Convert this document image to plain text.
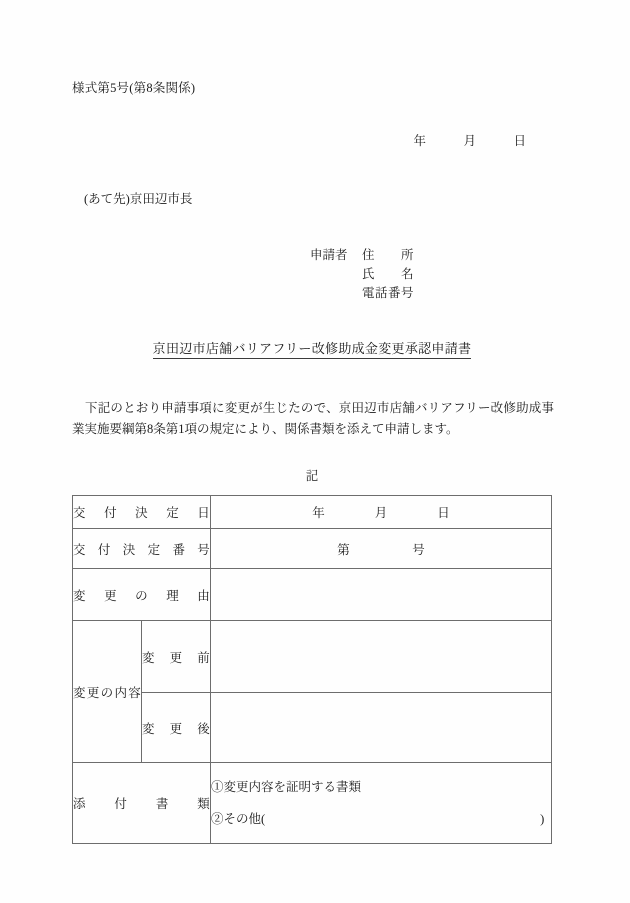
様式第5号(第8条関係)
年　　　月　　　日
(あて先)京田辺市長
申請者 住　　所
氏　　名
電話番号
京田辺市店舗バリアフリー改修助成金変更承認申請書
下記のとおり申請事項に変更が生じたので、京田辺市店舗バリアフリー改修助成事業実施要綱第8条第1項の規定により、関係書類を添えて申請します。
記
交付決定日		年　　　　月　　　　日

交付決定番号		第　　　　　号

変更の理由		

変更の内容	変更前	

	変更後	

添付書類		①変更内容を証明する書類

②その他(　　　　　　　　　　　　　　　　　　　　　　)
